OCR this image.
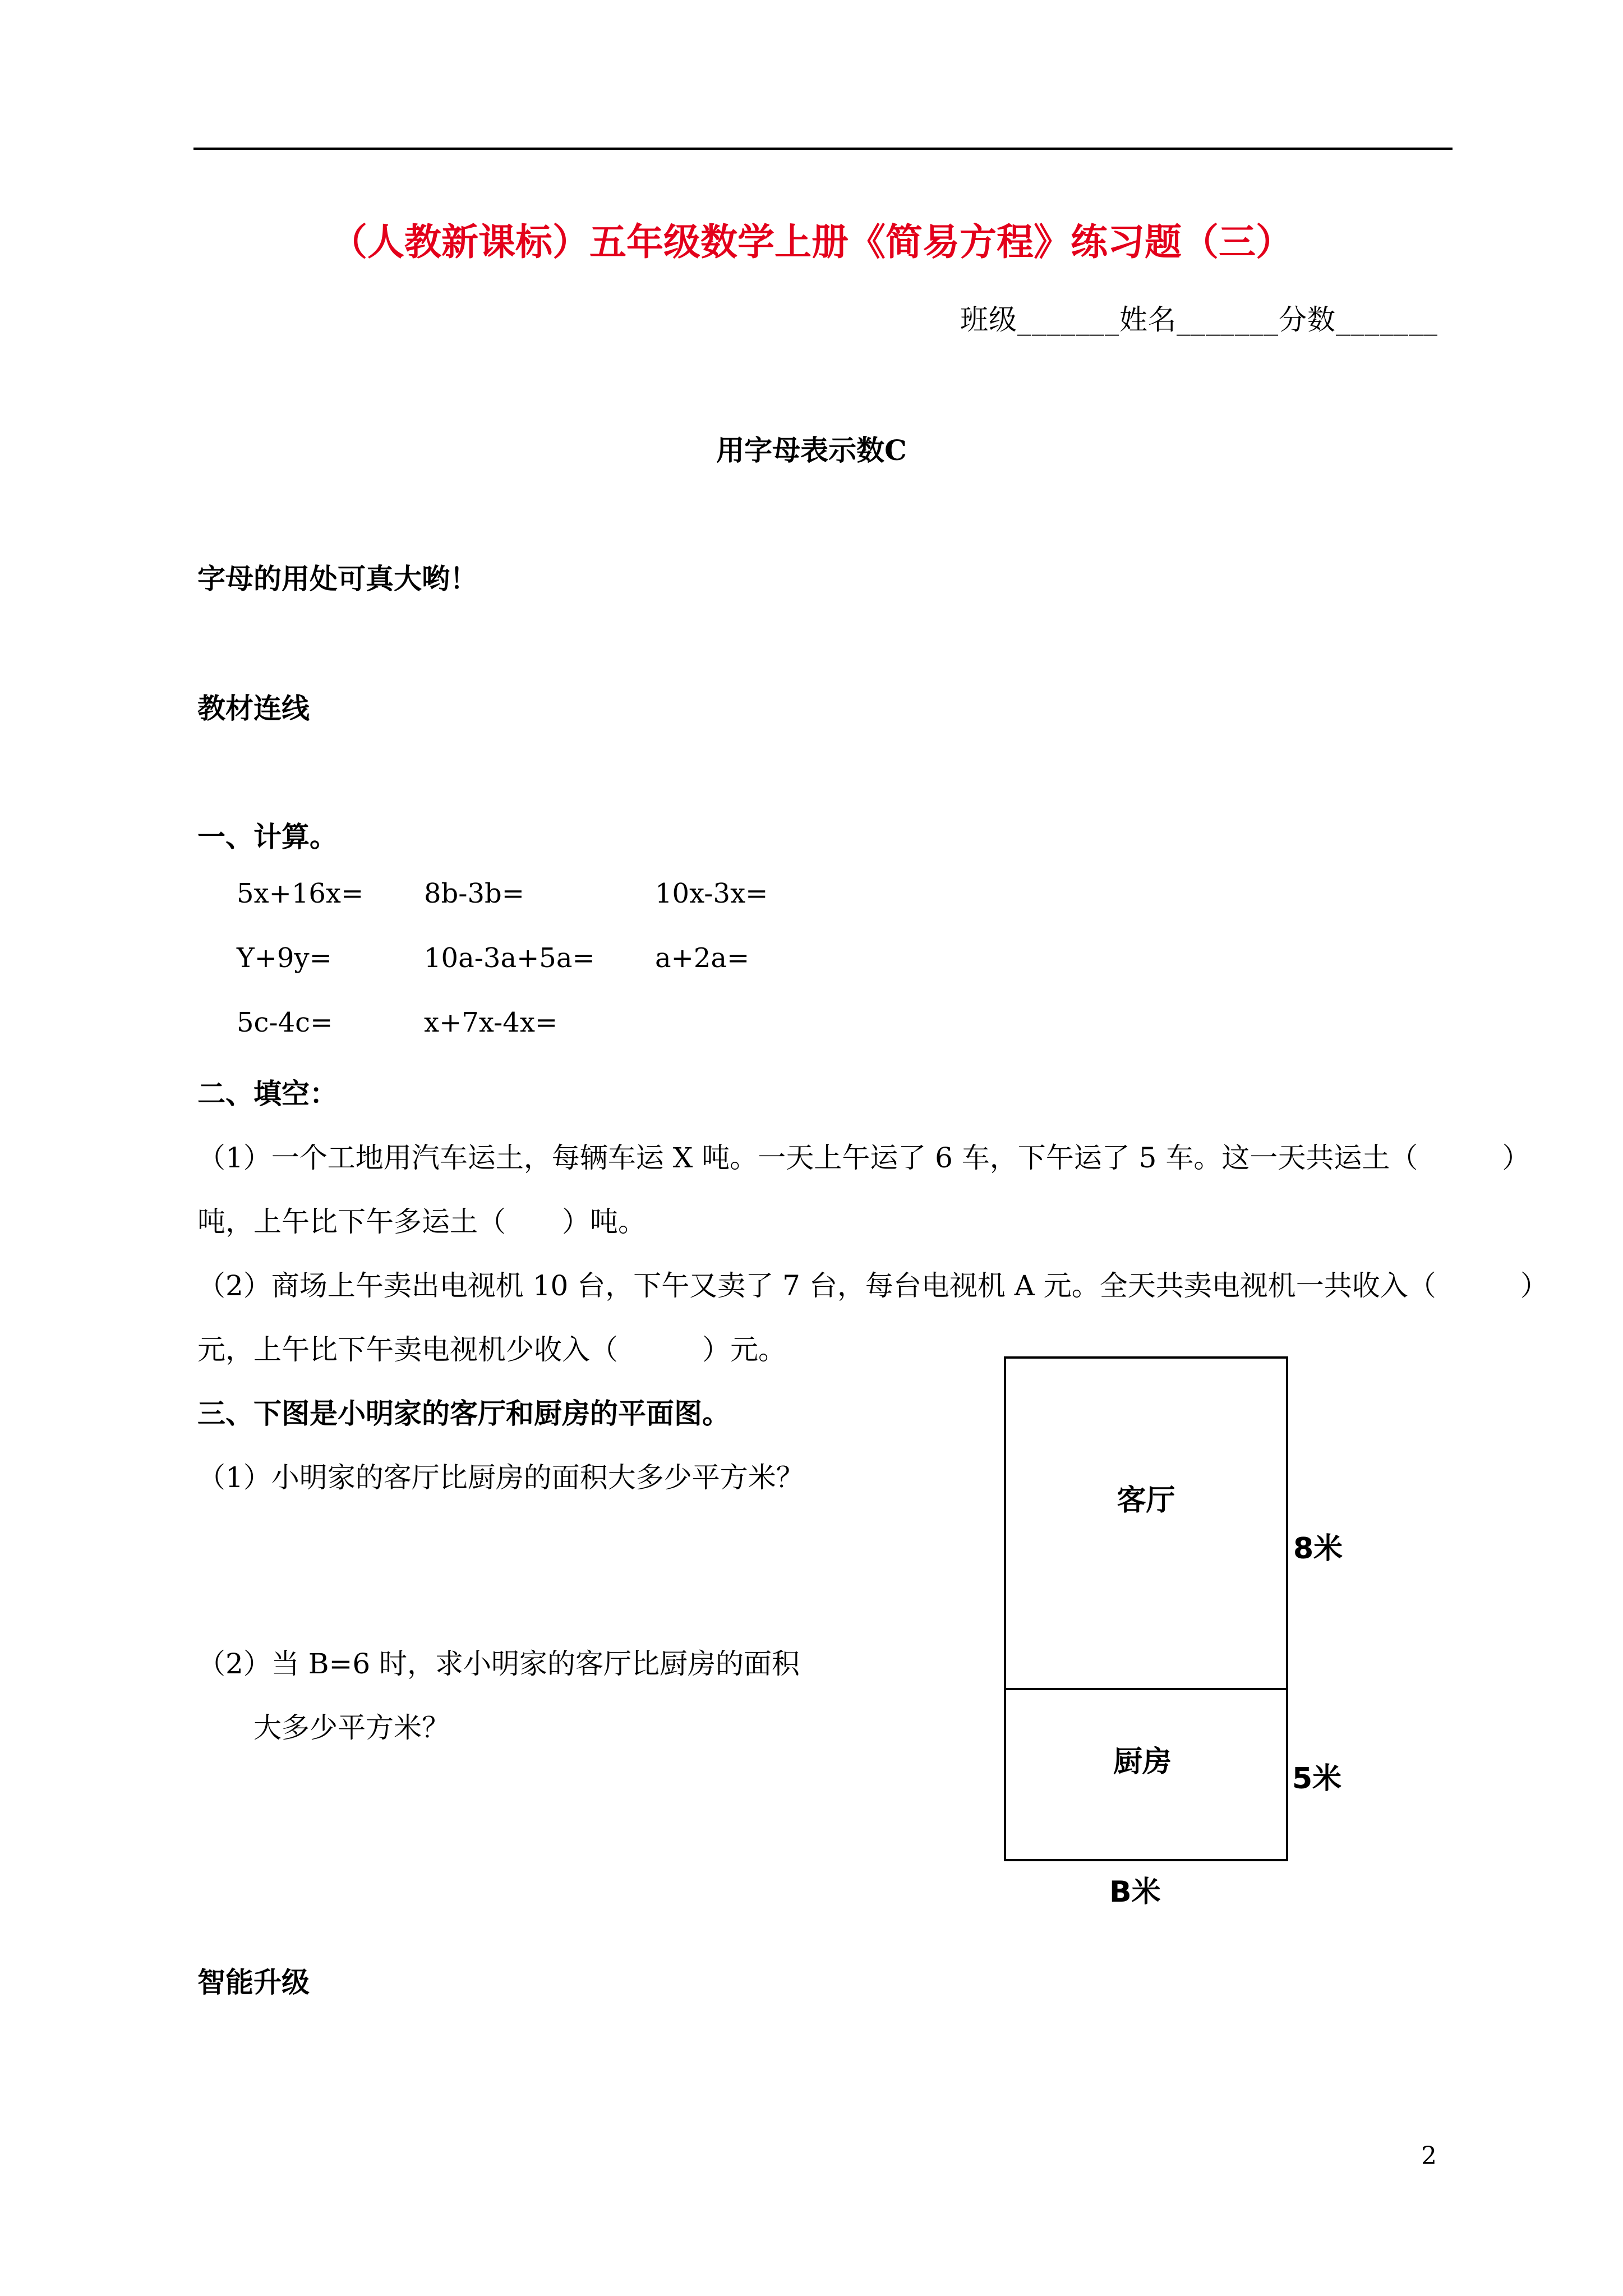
（人教新课标）五年级数学上册《简易方程》练习题（三）
班级_______姓名_______分数_______
用字母表示数C
字母的用处可真大哟！
教材连线
一、计算。
5x+16x= 8b-3b=	10x-3x=
Y+9y=	10a-3a+5a= a+2a=
5c-4c=	x+7x-4x=
二、填空：
（1）一个工地用汽车运土，每辆车运 X 吨。一天上午运了 6 车，下午运了 5 车。这一天共运土（　　　）
吨，上午比下午多运土（　　）吨。
（2）商场上午卖出电视机 10 台，下午又卖了 7 台，每台电视机 A 元。全天共卖电视机一共收入（　　　）
元，上午比下午卖电视机少收入（　　　）元。
三、下图是小明家的客厅和厨房的平面图。
（1）小明家的客厅比厨房的面积大多少平方米？
（2）当 B=6 时，求小明家的客厅比厨房的面积
大多少平方米？
客厅
厨房
8米
5米
B米
智能升级
2
